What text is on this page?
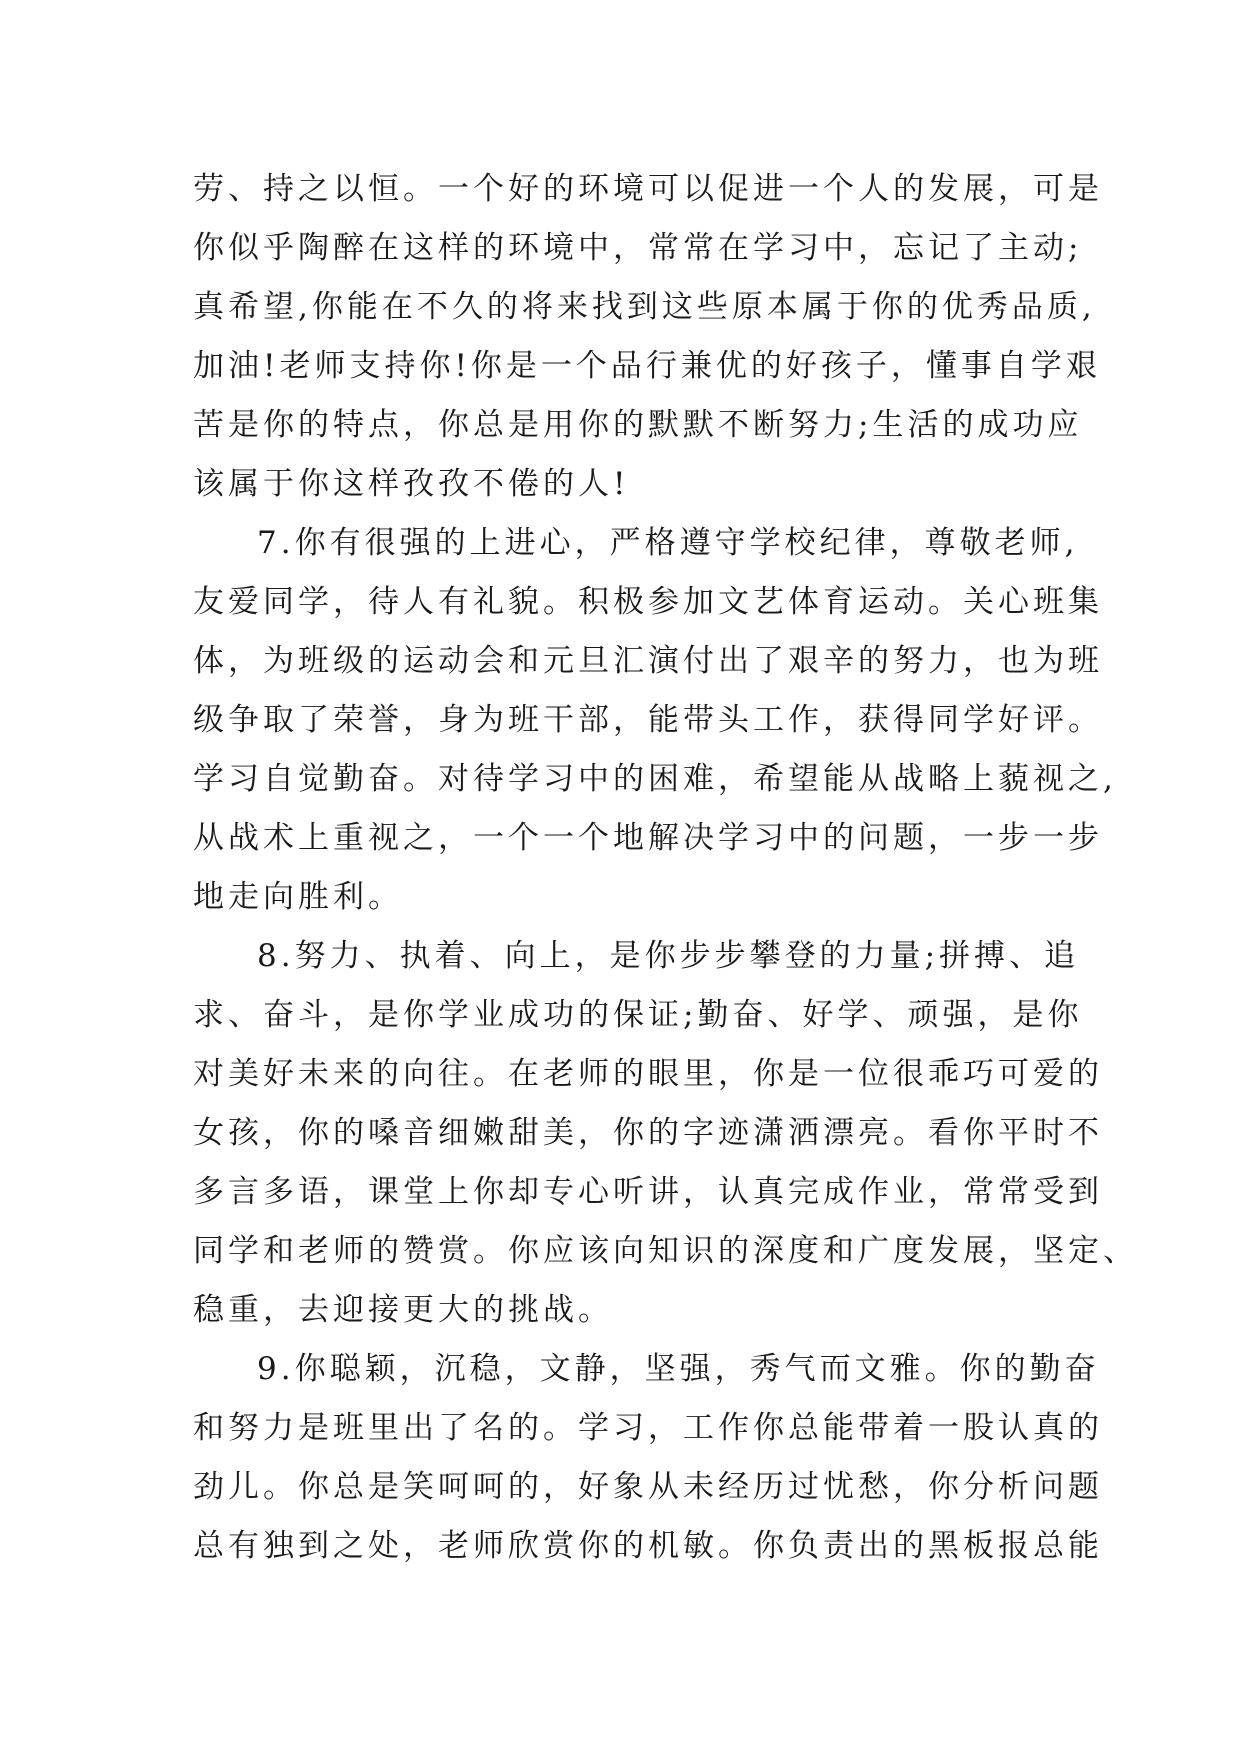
劳、持之以恒。一个好的环境可以促进一个人的发展，可是
你似乎陶醉在这样的环境中，常常在学习中，忘记了主动;
真希望,你能在不久的将来找到这些原本属于你的优秀品质,
加油!老师支持你!你是一个品行兼优的好孩子，懂事自学艰
苦是你的特点，你总是用你的默默不断努力;生活的成功应
该属于你这样孜孜不倦的人!
7.你有很强的上进心，严格遵守学校纪律，尊敬老师,
友爱同学，待人有礼貌。积极参加文艺体育运动。关心班集
体，为班级的运动会和元旦汇演付出了艰辛的努力，也为班
级争取了荣誉，身为班干部，能带头工作，获得同学好评。
学习自觉勤奋。对待学习中的困难，希望能从战略上藐视之,
从战术上重视之，一个一个地解决学习中的问题，一步一步
地走向胜利。
8.努力、执着、向上，是你步步攀登的力量;拼搏、追
求、奋斗，是你学业成功的保证;勤奋、好学、顽强，是你
对美好未来的向往。在老师的眼里，你是一位很乖巧可爱的
女孩，你的嗓音细嫩甜美，你的字迹潇洒漂亮。看你平时不
多言多语，课堂上你却专心听讲，认真完成作业，常常受到
同学和老师的赞赏。你应该向知识的深度和广度发展，坚定、
稳重，去迎接更大的挑战。
9.你聪颖，沉稳，文静，坚强，秀气而文雅。你的勤奋
和努力是班里出了名的。学习，工作你总能带着一股认真的
劲儿。你总是笑呵呵的，好象从未经历过忧愁，你分析问题
总有独到之处，老师欣赏你的机敏。你负责出的黑板报总能
